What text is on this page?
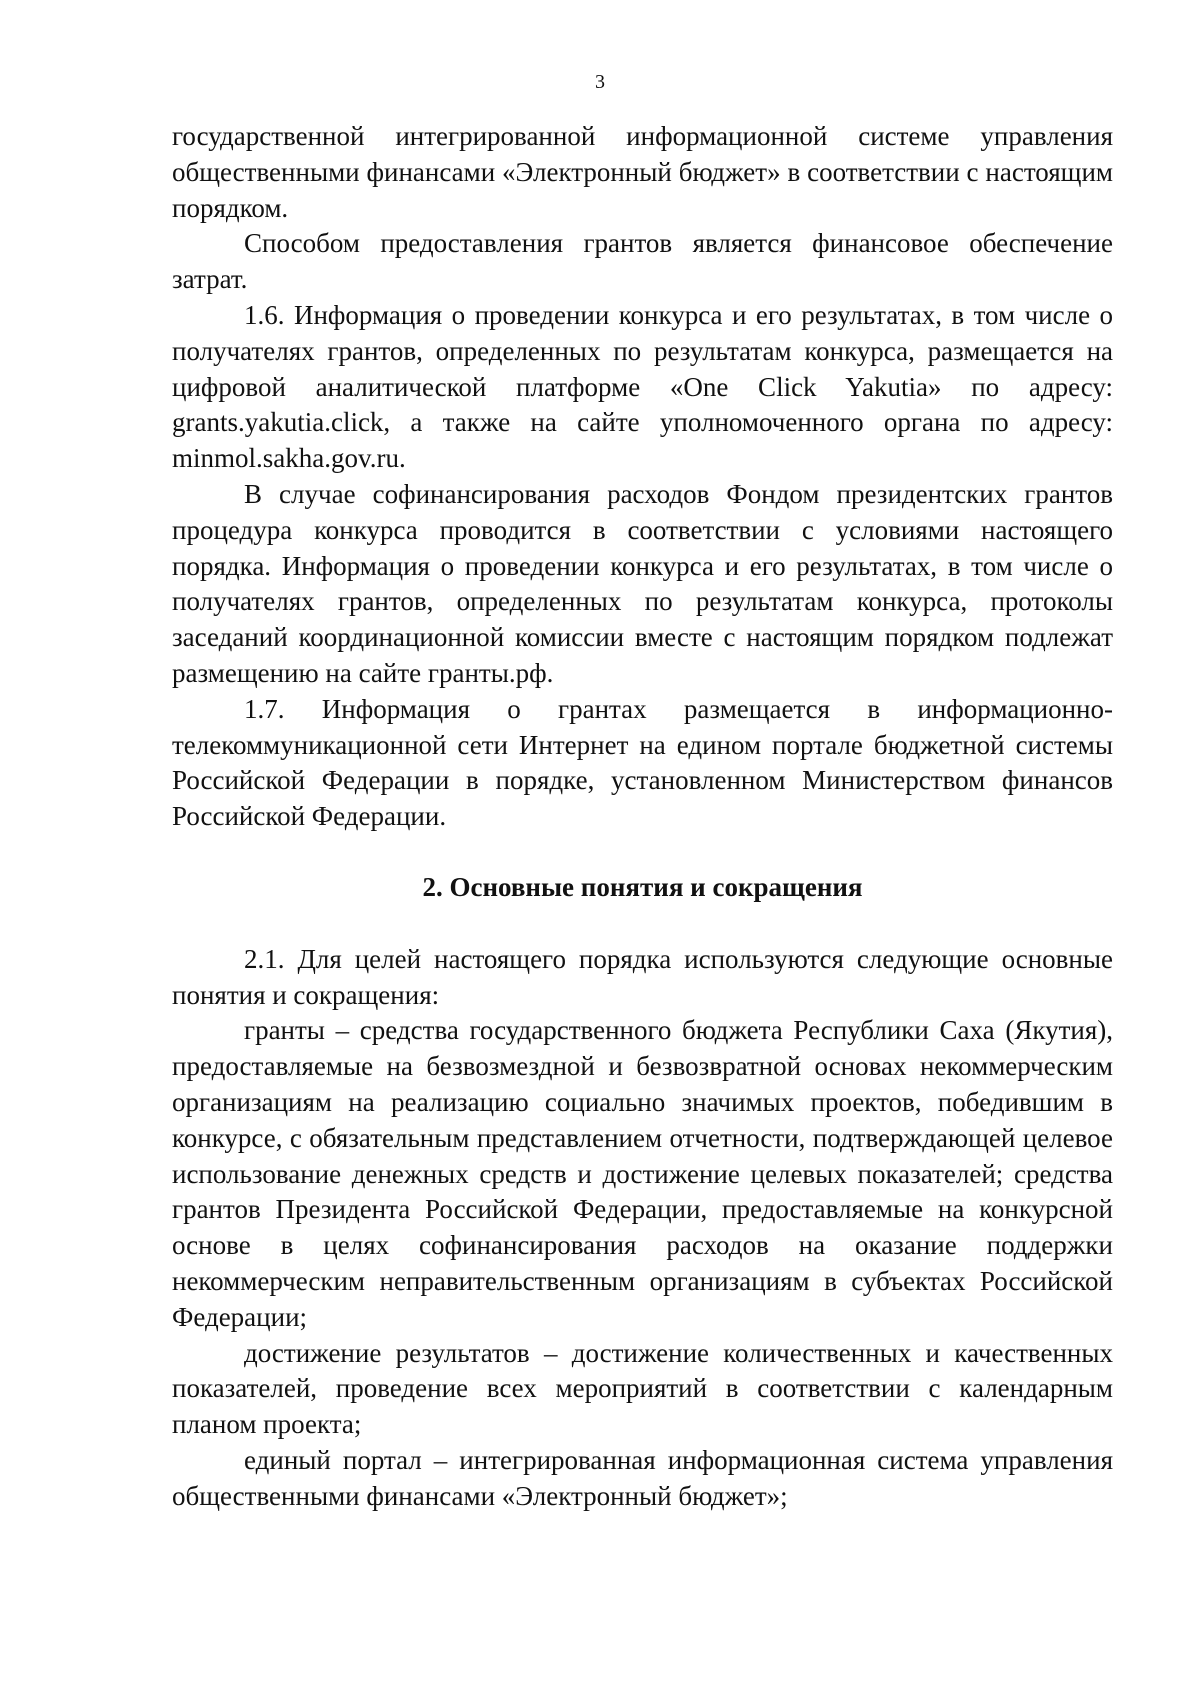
3

государственной интегрированной информационной системе управления общественными финансами «Электронный бюджет» в соответствии с настоящим порядком.

Способом предоставления грантов является финансовое обеспечение затрат.

1.6. Информация о проведении конкурса и его результатах, в том числе о получателях грантов, определенных по результатам конкурса, размещается на цифровой аналитической платформе «One Click Yakutia» по адресу: grants.yakutia.click, а также на сайте уполномоченного органа по адресу: minmol.sakha.gov.ru.

В случае софинансирования расходов Фондом президентских грантов процедура конкурса проводится в соответствии с условиями настоящего порядка. Информация о проведении конкурса и его результатах, в том числе о получателях грантов, определенных по результатам конкурса, протоколы заседаний координационной комиссии вместе с настоящим порядком подлежат размещению на сайте гранты.рф.

1.7. Информация о грантах размещается в информационно-телекоммуникационной сети Интернет на едином портале бюджетной системы Российской Федерации в порядке, установленном Министерством финансов Российской Федерации.

2. Основные понятия и сокращения

2.1. Для целей настоящего порядка используются следующие основные понятия и сокращения:

гранты – средства государственного бюджета Республики Саха (Якутия), предоставляемые на безвозмездной и безвозвратной основах некоммерческим организациям на реализацию социально значимых проектов, победившим в конкурсе, с обязательным представлением отчетности, подтверждающей целевое использование денежных средств и достижение целевых показателей; средства грантов Президента Российской Федерации, предоставляемые на конкурсной основе в целях софинансирования расходов на оказание поддержки некоммерческим неправительственным организациям в субъектах Российской Федерации;

достижение результатов – достижение количественных и качественных показателей, проведение всех мероприятий в соответствии с календарным планом проекта;

единый портал – интегрированная информационная система управления общественными финансами «Электронный бюджет»;
